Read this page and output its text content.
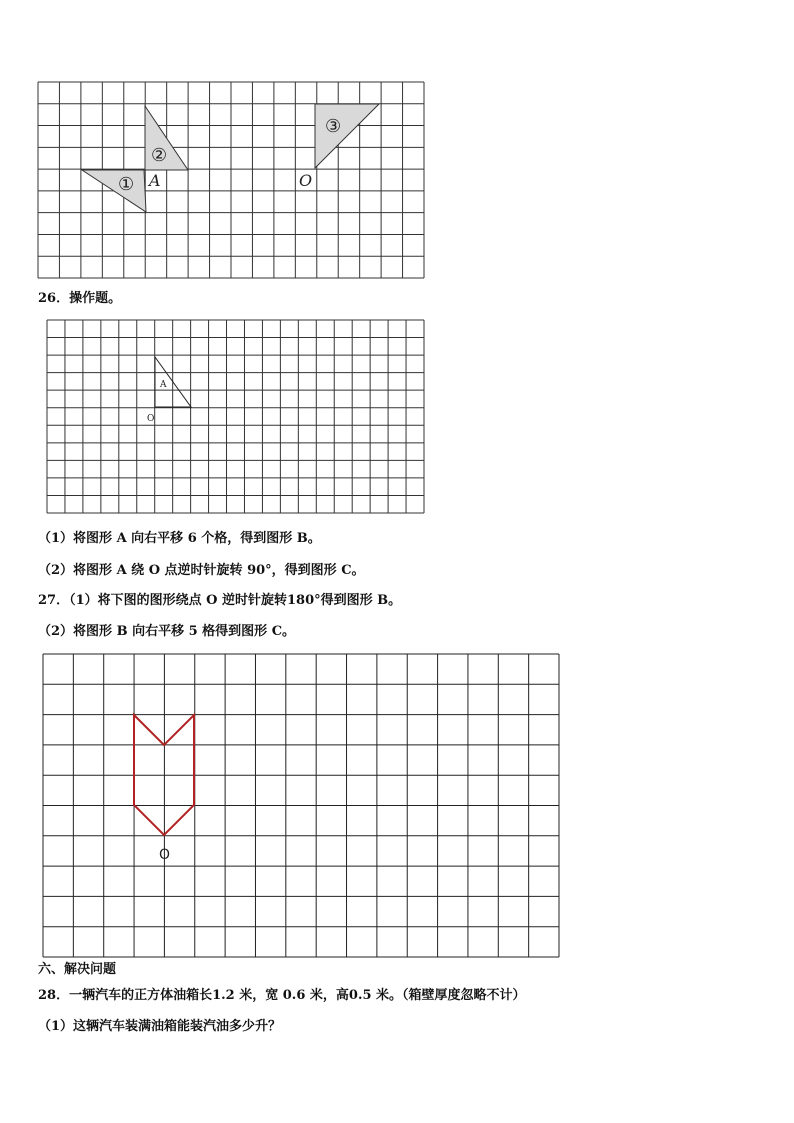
①
②
③
A	O
26．操作题。
A
O
（1）将图形 A 向右平移 6 个格，得到图形 B。
（2）将图形 A 绕 O 点逆时针旋转 90°，得到图形 C。
27．（1）将下图的图形绕点 O 逆时针旋转180°得到图形 B。
（2）将图形 B 向右平移 5 格得到图形 C。
O
六、解决问题
28．一辆汽车的正方体油箱长1.2 米，宽 0.6 米，高0.5 米。（箱壁厚度忽略不计）
（1）这辆汽车装满油箱能装汽油多少升？
